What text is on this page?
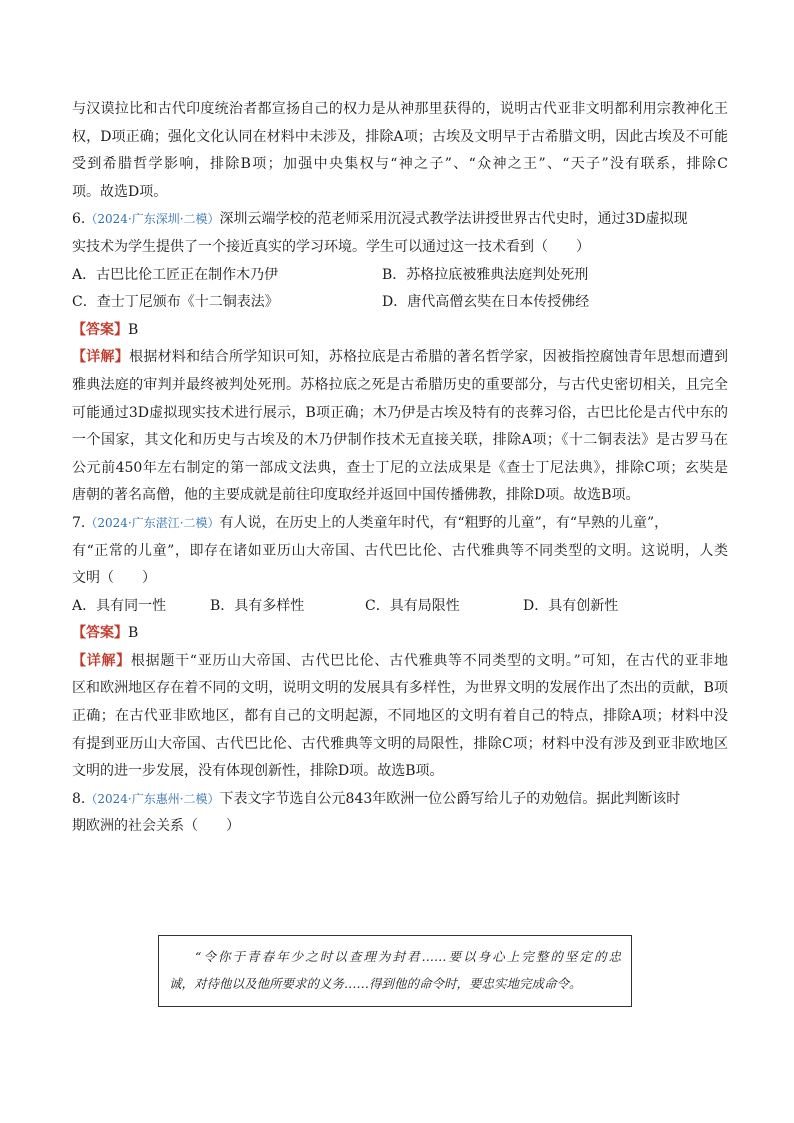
与汉谟拉比和古代印度统治者都宣扬自己的权力是从神那里获得的，说明古代亚非文明都利用宗教神化王
权，D项正确；强化文化认同在材料中未涉及，排除A项；古埃及文明早于古希腊文明，因此古埃及不可能
受到希腊哲学影响，排除B项；加强中央集权与“神之子”、“众神之王”、“天子”没有联系，排除C
项。故选D项。
6.（2024·广东深圳·二模）深圳云端学校的范老师采用沉浸式教学法讲授世界古代史时，通过3D虚拟现
实技术为学生提供了一个接近真实的学习环境。学生可以通过这一技术看到（　　）
A．古巴比伦工匠正在制作木乃伊	B．苏格拉底被雅典法庭判处死刑
C．查士丁尼颁布《十二铜表法》	D．唐代高僧玄奘在日本传授佛经
【答案】B
【详解】根据材料和结合所学知识可知，苏格拉底是古希腊的著名哲学家，因被指控腐蚀青年思想而遭到
雅典法庭的审判并最终被判处死刑。苏格拉底之死是古希腊历史的重要部分，与古代史密切相关，且完全
可能通过3D虚拟现实技术进行展示，B项正确；木乃伊是古埃及特有的丧葬习俗，古巴比伦是古代中东的
一个国家，其文化和历史与古埃及的木乃伊制作技术无直接关联，排除A项；《十二铜表法》是古罗马在
公元前450年左右制定的第一部成文法典，查士丁尼的立法成果是《查士丁尼法典》，排除C项；玄奘是
唐朝的著名高僧，他的主要成就是前往印度取经并返回中国传播佛教，排除D项。故选B项。
7.（2024·广东湛江·二模）有人说，在历史上的人类童年时代，有“粗野的儿童”，有“早熟的儿童”，
有“正常的儿童”，即存在诸如亚历山大帝国、古代巴比伦、古代雅典等不同类型的文明。这说明，人类
文明（　　）
A．具有同一性	B．具有多样性	C．具有局限性	D．具有创新性
【答案】B
【详解】根据题干“亚历山大帝国、古代巴比伦、古代雅典等不同类型的文明。”可知，在古代的亚非地
区和欧洲地区存在着不同的文明，说明文明的发展具有多样性，为世界文明的发展作出了杰出的贡献，B项
正确；在古代亚非欧地区，都有自己的文明起源，不同地区的文明有着自己的特点，排除A项；材料中没
有提到亚历山大帝国、古代巴比伦、古代雅典等文明的局限性，排除C项；材料中没有涉及到亚非欧地区
文明的进一步发展，没有体现创新性，排除D项。故选B项。
8.（2024·广东惠州·二模）下表文字节选自公元843年欧洲一位公爵写给儿子的劝勉信。据此判断该时
期欧洲的社会关系（　　）
“令你于青春年少之时以查理为封君……要以身心上完整的坚定的忠
诚，对待他以及他所要求的义务……得到他的命令时，要忠实地完成命令。
